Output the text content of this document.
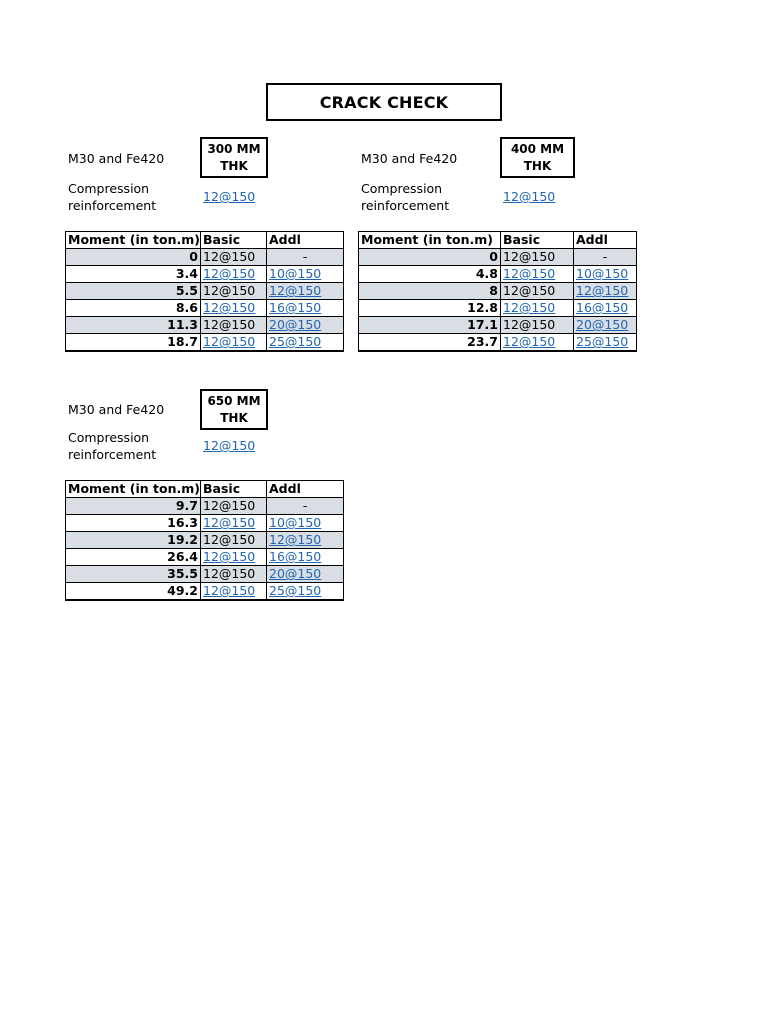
CRACK CHECK
M30 and Fe420
300 MM
THK
Compression
reinforcement
12@150
Moment (in ton.m)	Basic	Addl
0	12@150	-
3.4	12@150	10@150
5.5	12@150	12@150
8.6	12@150	16@150
11.3	12@150	20@150
18.7	12@150	25@150
M30 and Fe420
400 MM
THK
Compression
reinforcement
12@150
Moment (in ton.m)	Basic	Addl
0	12@150	-
4.8	12@150	10@150
8	12@150	12@150
12.8	12@150	16@150
17.1	12@150	20@150
23.7	12@150	25@150
M30 and Fe420
650 MM
THK
Compression
reinforcement
12@150
Moment (in ton.m)	Basic	Addl
9.7	12@150	-
16.3	12@150	10@150
19.2	12@150	12@150
26.4	12@150	16@150
35.5	12@150	20@150
49.2	12@150	25@150
